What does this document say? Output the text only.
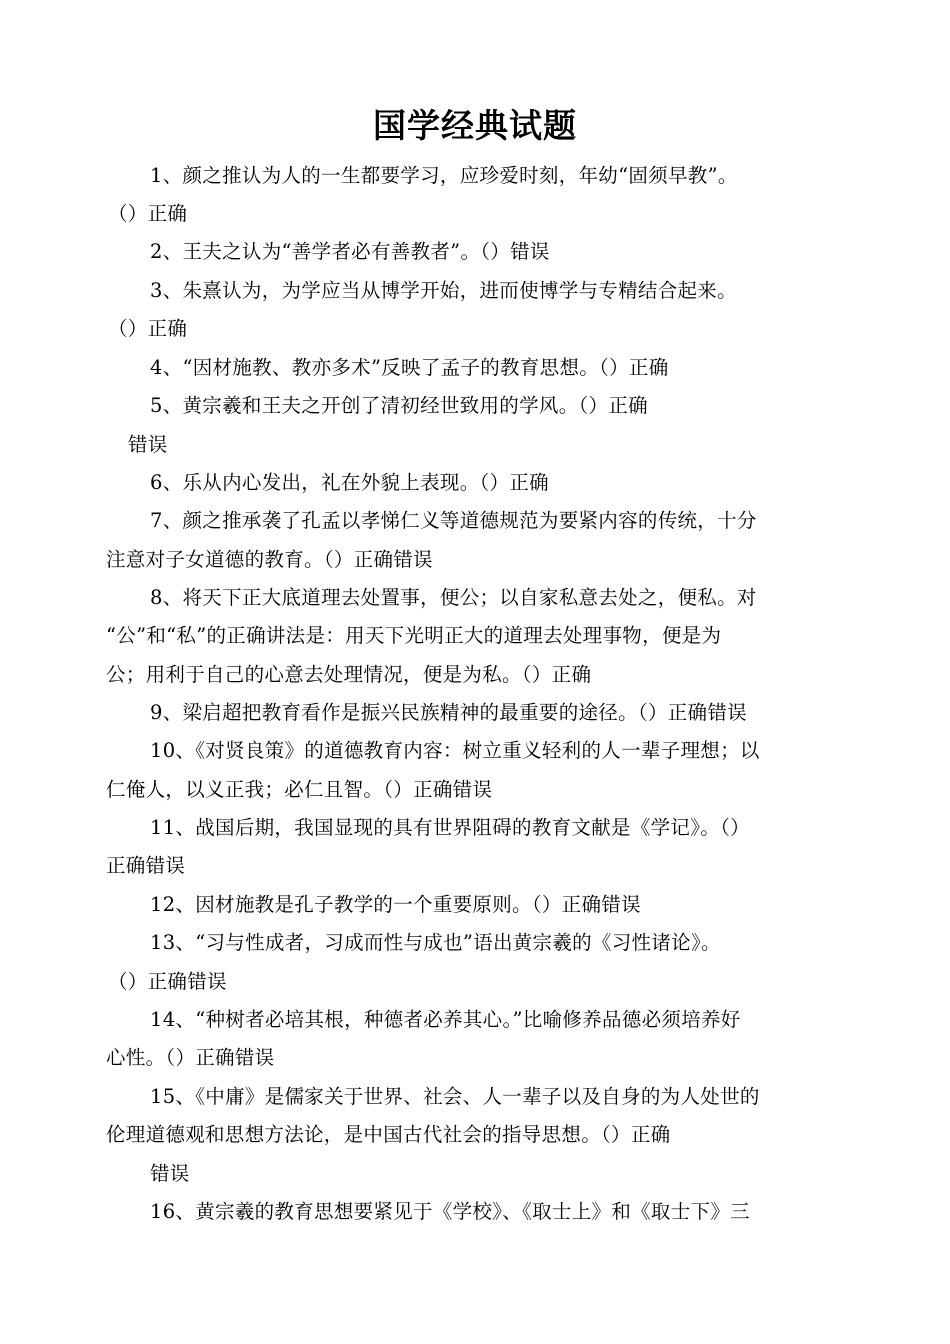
国学经典试题
1、颜之推认为人的一生都要学习，应珍爱时刻，年幼“固须早教”。
（）正确
2、王夫之认为“善学者必有善教者”。（）错误
3、朱熹认为，为学应当从博学开始，进而使博学与专精结合起来。
（）正确
4、“因材施教、教亦多术”反映了孟子的教育思想。（）正确
5、黄宗羲和王夫之开创了清初经世致用的学风。（）正确
错误
6、乐从内心发出，礼在外貌上表现。（）正确
7、颜之推承袭了孔孟以孝悌仁义等道德规范为要紧内容的传统，十分
注意对子女道德的教育。（）正确错误
8、将天下正大底道理去处置事，便公；以自家私意去处之，便私。对
“公”和“私”的正确讲法是：用天下光明正大的道理去处理事物，便是为
公；用利于自己的心意去处理情况，便是为私。（）正确
9、梁启超把教育看作是振兴民族精神的最重要的途径。（）正确错误
10、《对贤良策》的道德教育内容：树立重义轻利的人一辈子理想；以
仁俺人，以义正我；必仁且智。（）正确错误
11、战国后期，我国显现的具有世界阻碍的教育文献是《学记》。（）
正确错误
12、因材施教是孔子教学的一个重要原则。（）正确错误
13、“习与性成者，习成而性与成也”语出黄宗羲的《习性诸论》。
（）正确错误
14、“种树者必培其根，种德者必养其心。”比喻修养品德必须培养好
心性。（）正确错误
15、《中庸》是儒家关于世界、社会、人一辈子以及自身的为人处世的
伦理道德观和思想方法论，是中国古代社会的指导思想。（）正确
错误
16、黄宗羲的教育思想要紧见于《学校》、《取士上》和《取士下》三
